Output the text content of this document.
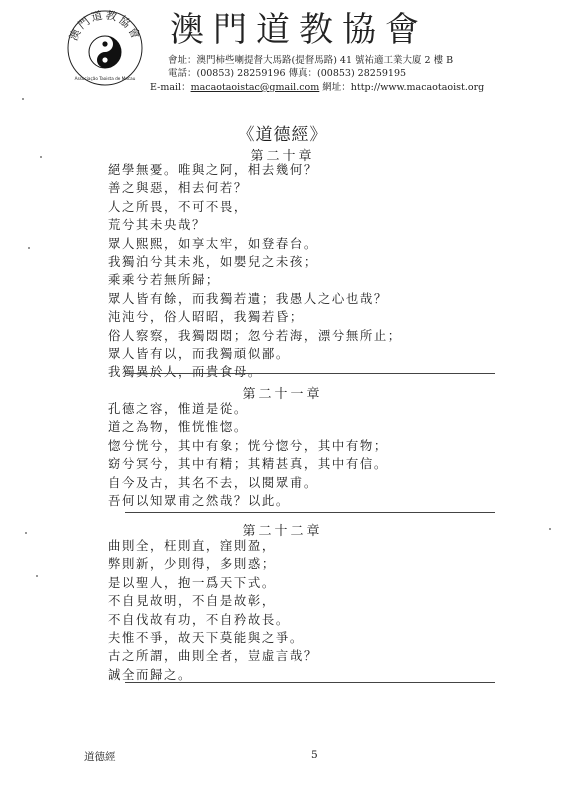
澳門道教協會
Associação Taoista de Macau
澳門道教協會
會址：澳門柿些喇提督大馬路(提督馬路) 41 號祐適工業大廈 2 樓 B
電話：(00853) 28259196 傳真：(00853) 28259195
E-mail：macaotaoistac@gmail.com 網址：http://www.macaotaoist.org
《道德經》
第二十章
絕學無憂。唯與之阿，相去幾何？
善之與惡，相去何若？
人之所畏，不可不畏，
荒兮其未央哉？
眾人熙熙，如享太牢，如登春台。
我獨泊兮其未兆，如嬰兒之未孩；
乘乘兮若無所歸；
眾人皆有餘，而我獨若遺；我愚人之心也哉？
沌沌兮，俗人昭昭，我獨若昏；
俗人察察，我獨悶悶；忽兮若海，漂兮無所止；
眾人皆有以，而我獨頑似鄙。
我獨異於人，而貴食母。
第二十一章
孔德之容，惟道是從。
道之為物，惟恍惟惚。
惚兮恍兮，其中有象；恍兮惚兮，其中有物；
窈兮冥兮，其中有精；其精甚真，其中有信。
自今及古，其名不去，以閱眾甫。
吾何以知眾甫之然哉？以此。
第二十二章
曲則全，枉則直，窪則盈，
弊則新，少則得，多則惑；
是以聖人，抱一爲天下式。
不自見故明，不自是故彰，
不自伐故有功，不自矜故長。
夫惟不爭，故天下莫能與之爭。
古之所謂，曲則全者，豈虛言哉？
誠全而歸之。
道德經	5
